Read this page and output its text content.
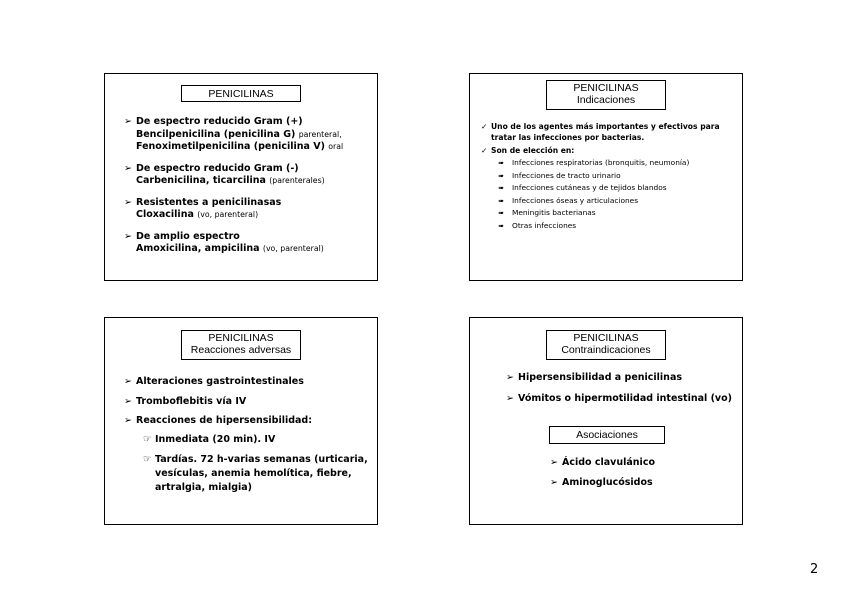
PENICILINAS
➢ De espectro reducido Gram (+)
Bencilpenicilina (penicilina G) parenteral,
Fenoximetilpenicilina (penicilina V) oral
➢ De espectro reducido Gram (-)
Carbenicilina, ticarcilina (parenterales)
➢ Resistentes a penicilinasas
Cloxacilina (vo, parenteral)
➢ De amplio espectro
Amoxicilina, ampicilina (vo, parenteral)
PENICILINAS
Indicaciones
✓ Uno de los agentes más importantes y efectivos para tratar las infecciones por bacterias.
✓ Son de elección en:
➠ Infecciones respiratorias (bronquitis, neumonía)
➠ Infecciones de tracto urinario
➠ Infecciones cutáneas y de tejidos blandos
➠ Infecciones óseas y articulaciones
➠ Meningitis bacterianas
➠ Otras infecciones
PENICILINAS
Reacciones adversas
➢ Alteraciones gastrointestinales
➢ Tromboflebitis vía IV
➢ Reacciones de hipersensibilidad:
☞ Inmediata (20 min). IV
☞ Tardías. 72 h-varias semanas (urticaria, vesículas, anemia hemolítica, fiebre, artralgia, mialgia)
PENICILINAS
Contraindicaciones
➢ Hipersensibilidad a penicilinas
➢ Vómitos o hipermotilidad intestinal (vo)
Asociaciones
➢ Ácido clavulánico
➢ Aminoglucósidos
2
